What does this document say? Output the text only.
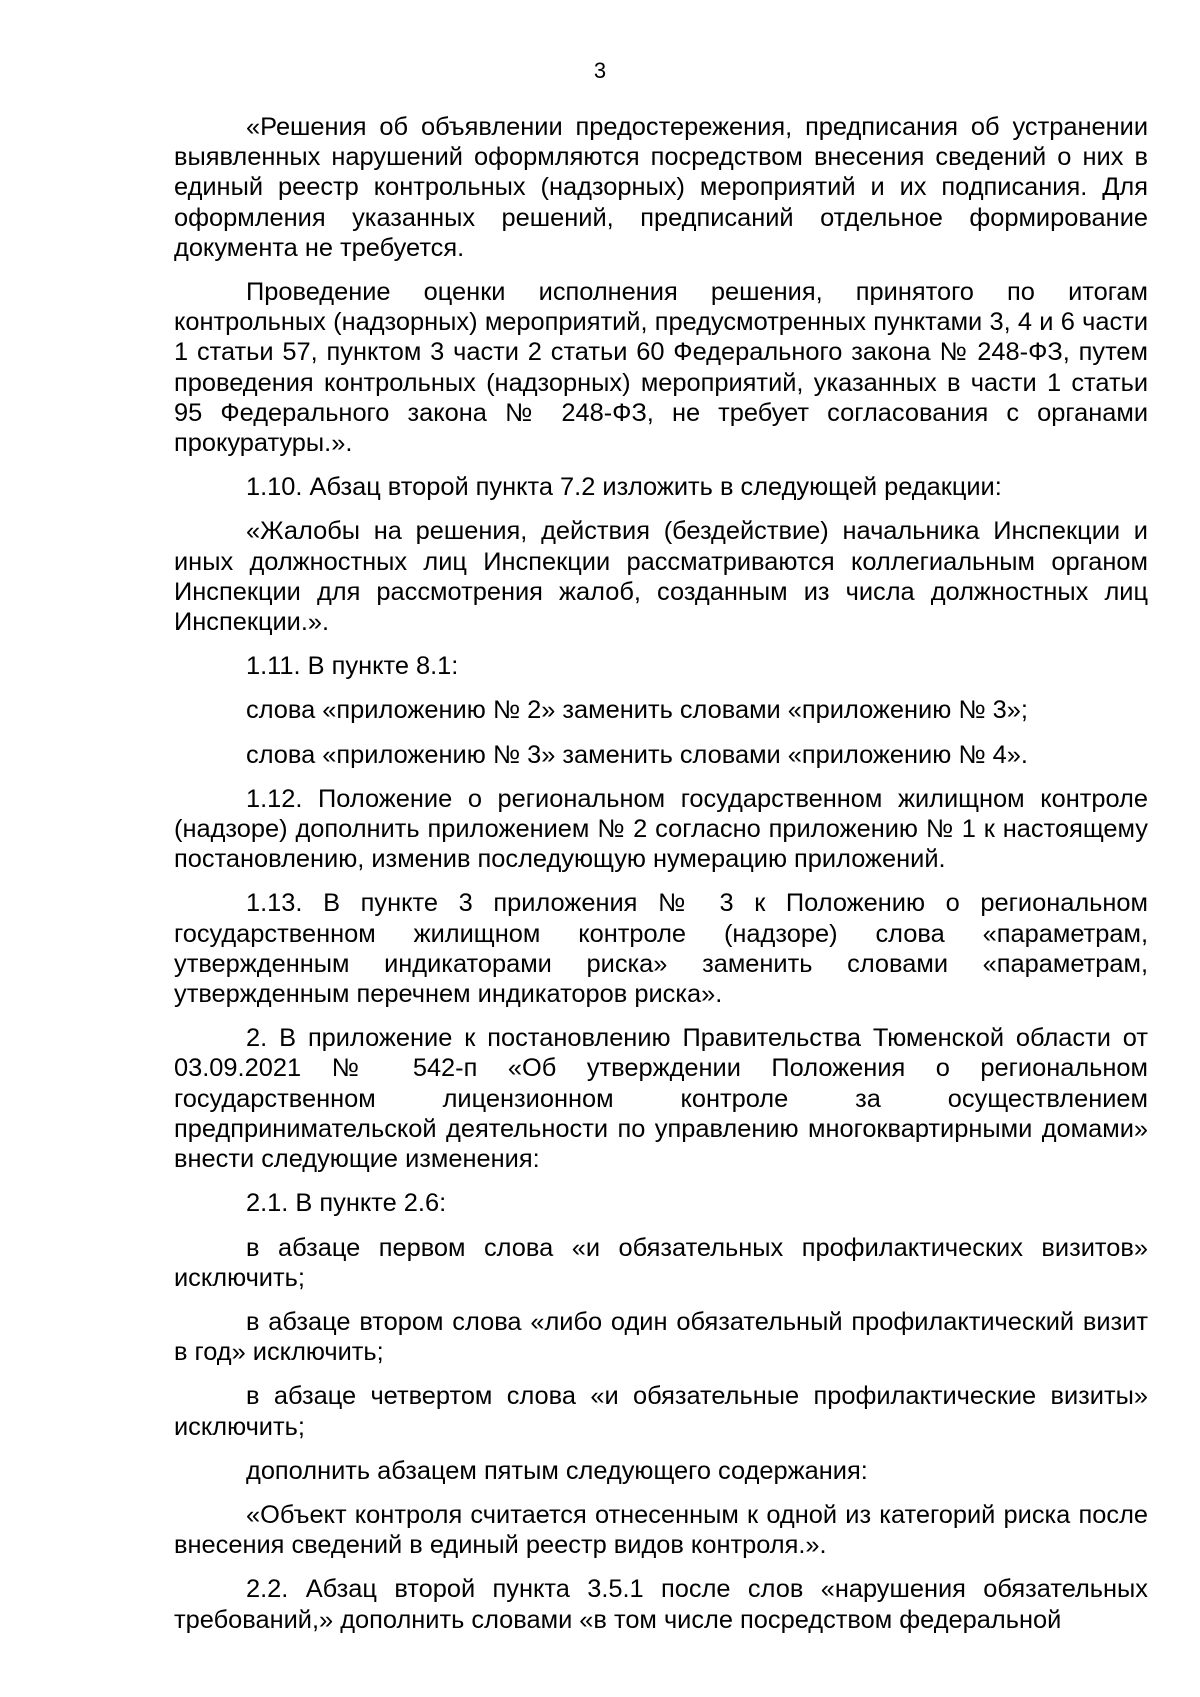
3

«Решения об объявлении предостережения, предписания об устранении выявленных нарушений оформляются посредством внесения сведений о них в единый реестр контрольных (надзорных) мероприятий и их подписания. Для оформления указанных решений, предписаний отдельное формирование документа не требуется.

Проведение оценки исполнения решения, принятого по итогам контрольных (надзорных) мероприятий, предусмотренных пунктами 3, 4 и 6 части 1 статьи 57, пунктом 3 части 2 статьи 60 Федерального закона № 248-ФЗ, путем проведения контрольных (надзорных) мероприятий, указанных в части 1 статьи 95 Федерального закона № 248-ФЗ, не требует согласования с органами прокуратуры.».

1.10. Абзац второй пункта 7.2 изложить в следующей редакции:

«Жалобы на решения, действия (бездействие) начальника Инспекции и иных должностных лиц Инспекции рассматриваются коллегиальным органом Инспекции для рассмотрения жалоб, созданным из числа должностных лиц Инспекции.».

1.11. В пункте 8.1:

слова «приложению № 2» заменить словами «приложению № 3»;

слова «приложению № 3» заменить словами «приложению № 4».

1.12. Положение о региональном государственном жилищном контроле (надзоре) дополнить приложением № 2 согласно приложению № 1 к настоящему постановлению, изменив последующую нумерацию приложений.

1.13. В пункте 3 приложения № 3 к Положению о региональном государственном жилищном контроле (надзоре) слова «параметрам, утвержденным индикаторами риска» заменить словами «параметрам, утвержденным перечнем индикаторов риска».

2. В приложение к постановлению Правительства Тюменской области от 03.09.2021 № 542-п «Об утверждении Положения о региональном государственном лицензионном контроле за осуществлением предпринимательской деятельности по управлению многоквартирными домами» внести следующие изменения:

2.1. В пункте 2.6:

в абзаце первом слова «и обязательных профилактических визитов» исключить;

в абзаце втором слова «либо один обязательный профилактический визит в год» исключить;

в абзаце четвертом слова «и обязательные профилактические визиты» исключить;

дополнить абзацем пятым следующего содержания:

«Объект контроля считается отнесенным к одной из категорий риска после внесения сведений в единый реестр видов контроля.».

2.2. Абзац второй пункта 3.5.1 после слов «нарушения обязательных требований,» дополнить словами «в том числе посредством федеральной
